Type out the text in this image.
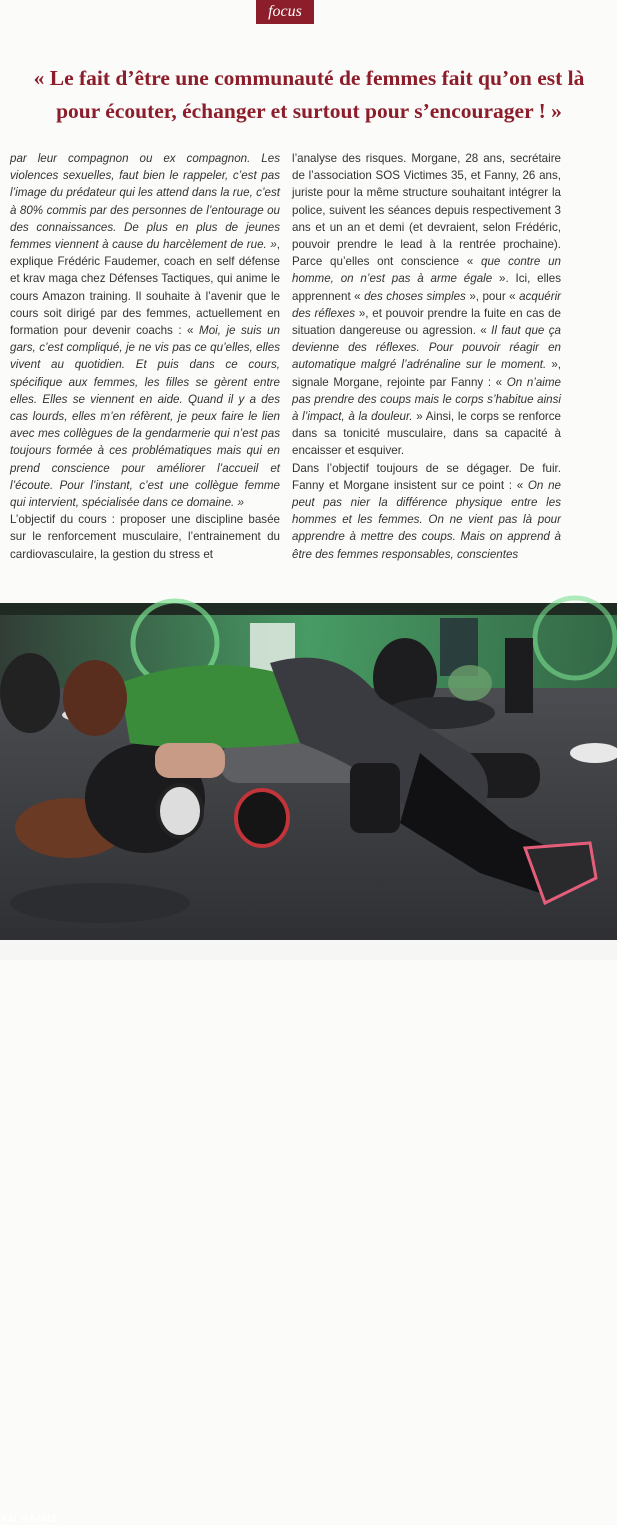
focus
« Le fait d’être une communauté de femmes fait qu’on est là pour écouter, échanger et surtout pour s’encourager ! »

par leur compagnon ou ex compagnon. Les violences sexuelles, faut bien le rappeler, c’est pas l’image du prédateur qui les attend dans la rue, c’est à 80% commis par des personnes de l’entourage ou des connaissances. De plus en plus de jeunes femmes viennent à cause du harcèlement de rue. », explique Frédéric Faudemer, coach en self défense et krav maga chez Défenses Tactiques, qui anime le cours Amazon training. Il souhaite à l’avenir que le cours soit dirigé par des femmes, actuellement en formation pour devenir coachs : « Moi, je suis un gars, c’est compliqué, je ne vis pas ce qu’elles, elles vivent au quotidien. Et puis dans ce cours, spécifique aux femmes, les filles se gèrent entre elles. Elles se viennent en aide. Quand il y a des cas lourds, elles m’en réfèrent, je peux faire le lien avec mes collègues de la gendarmerie qui n’est pas toujours formée à ces problématiques mais qui en prend conscience pour améliorer l’accueil et l’écoute. Pour l’instant, c’est une collègue femme qui intervient, spécialisée dans ce domaine. »

L’objectif du cours : proposer une discipline basée sur le renforcement musculaire, l’entrainement du cardiovasculaire, la gestion du stress et

l’analyse des risques. Morgane, 28 ans, secrétaire de l’association SOS Victimes 35, et Fanny, 26 ans, juriste pour la même structure souhaitant intégrer la police, suivent les séances depuis respectivement 3 ans et un an et demi (et devraient, selon Frédéric, pouvoir prendre le lead à la rentrée prochaine). Parce qu’elles ont conscience « que contre un homme, on n’est pas à arme égale ». Ici, elles apprennent « des choses simples », pour « acquérir des réflexes », et pouvoir prendre la fuite en cas de situation dangereuse ou agression. « Il faut que ça devienne des réflexes. Pour pouvoir réagir en automatique malgré l’adrénaline sur le moment. », signale Morgane, rejointe par Fanny : « On n’aime pas prendre des coups mais le corps s’habitue ainsi à l’impact, à la douleur. » Ainsi, le corps se renforce dans sa tonicité musculaire, dans sa capacité à encaisser et esquiver.

Dans l’objectif toujours de se dégager. De fuir. Fanny et Morgane insistent sur ce point : « On ne peut pas nier la différence physique entre les hommes et les femmes. On ne vient pas là pour apprendre à mettre des coups. Mais on apprend à être des femmes responsables, conscientes

AN RAMIS
